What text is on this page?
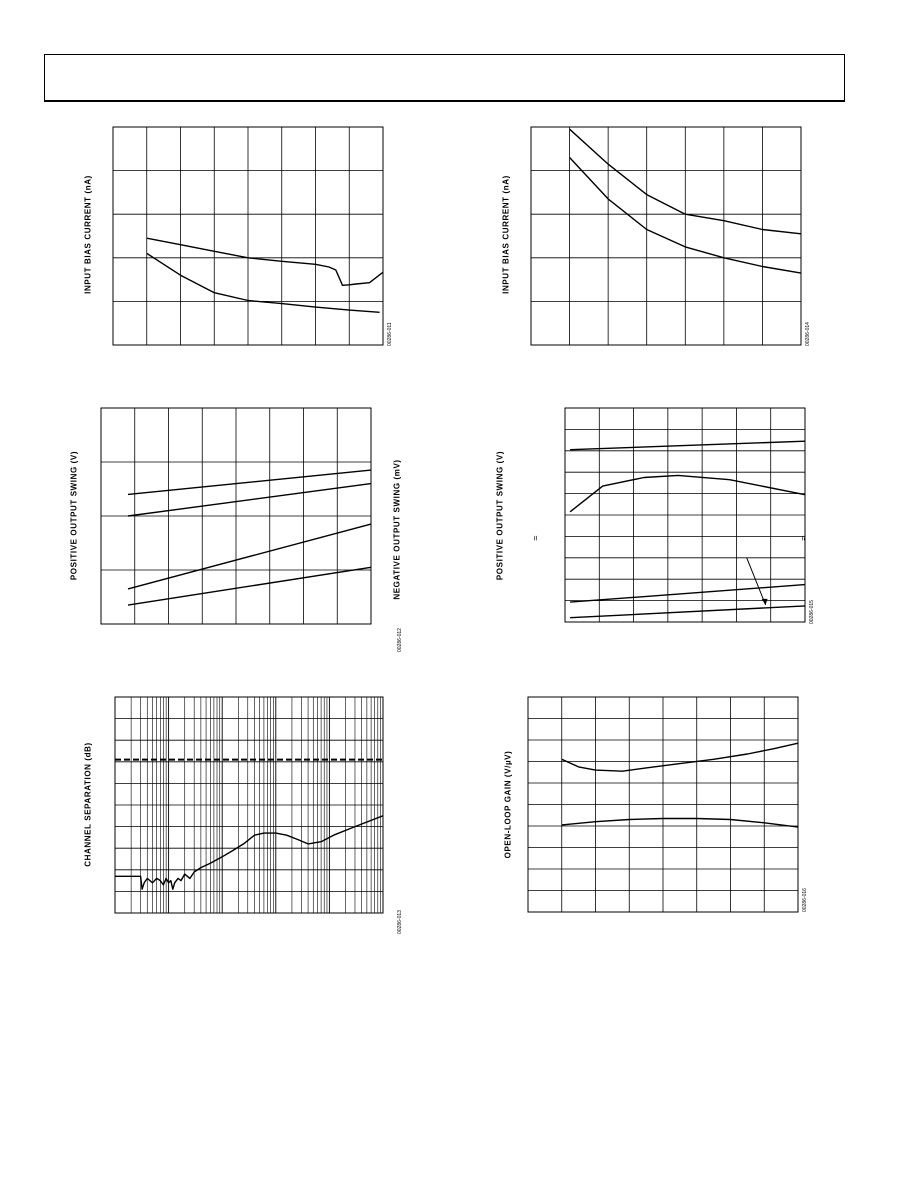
INPUT BIAS CURRENT (nA)
00286-011
INPUT BIAS CURRENT (nA)
00286-014
POSITIVE OUTPUT SWING (V)	NEGATIVE OUTPUT SWING (mV)
00286-012
POSITIVE OUTPUT SWING (V)	≈	≈
00286-015
CHANNEL SEPARATION (dB)
00286-013
OPEN-LOOP GAIN (V/µV)
00286-016
